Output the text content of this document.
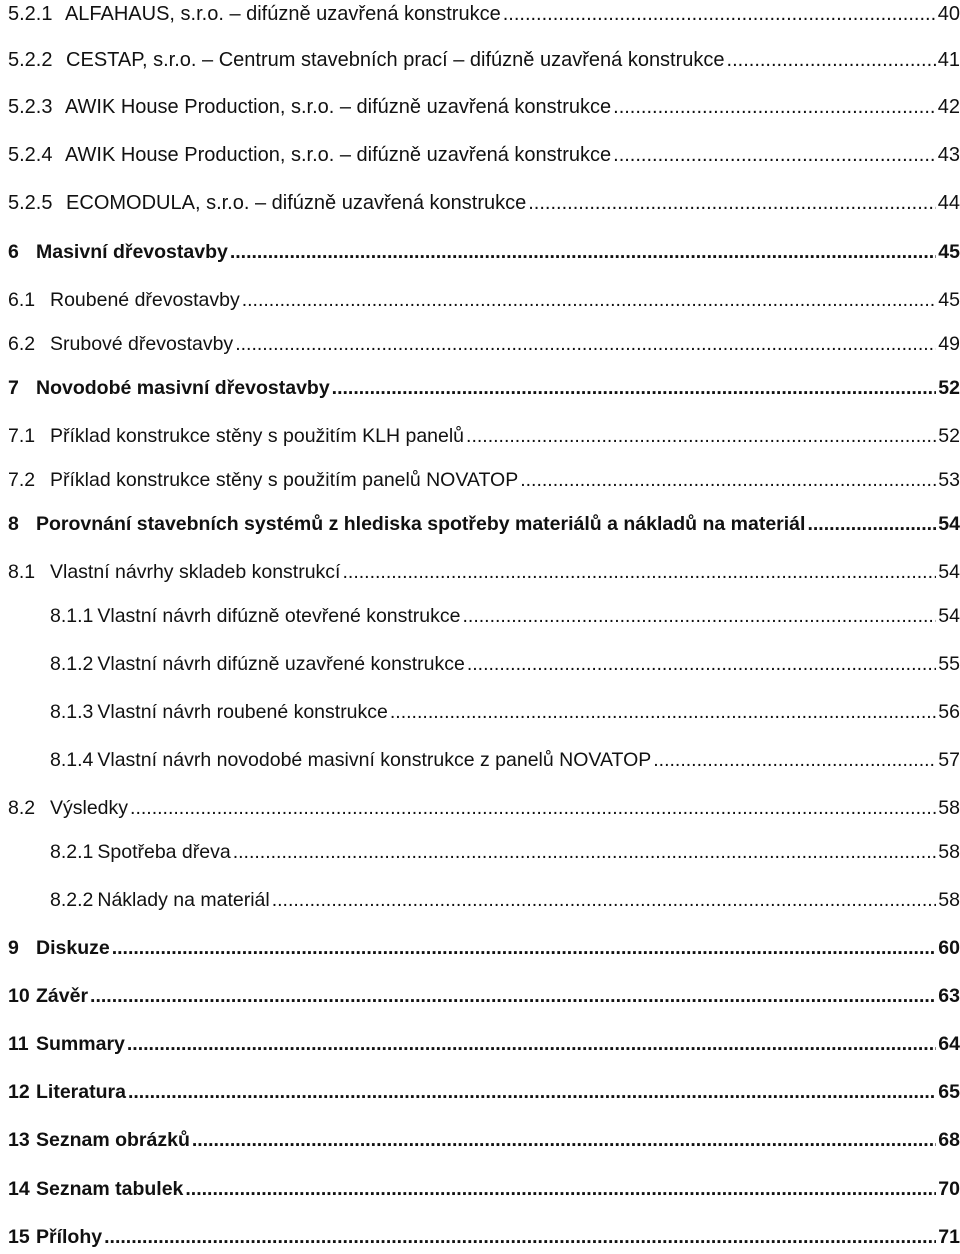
5.2.1 ALFAHAUS, s.r.o. – difúzně uzavřená konstrukce .....	40
5.2.2 CESTAP, s.r.o. – Centrum stavebních prací – difúzně uzavřená konstrukce .....	41
5.2.3 AWIK House Production, s.r.o. – difúzně uzavřená konstrukce .....	42
5.2.4 AWIK House Production, s.r.o. – difúzně uzavřená konstrukce .....	43
5.2.5 ECOMODULA, s.r.o. – difúzně uzavřená konstrukce .....	44
6 Masivní dřevostavby .....	45
6.1 Roubené dřevostavby .....	45
6.2 Srubové dřevostavby .....	49
7 Novodobé masivní dřevostavby .....	52
7.1 Příklad konstrukce stěny s použitím KLH panelů .....	52
7.2 Příklad konstrukce stěny s použitím panelů NOVATOP .....	53
8 Porovnání stavebních systémů z hlediska spotřeby materiálů a nákladů na materiál .....	54
8.1 Vlastní návrhy skladeb konstrukcí .....	54
8.1.1 Vlastní návrh difúzně otevřené konstrukce .....	54
8.1.2 Vlastní návrh difúzně uzavřené konstrukce .....	55
8.1.3 Vlastní návrh roubené konstrukce .....	56
8.1.4 Vlastní návrh novodobé masivní konstrukce z panelů NOVATOP .....	57
8.2 Výsledky .....	58
8.2.1 Spotřeba dřeva .....	58
8.2.2 Náklady na materiál .....	58
9 Diskuze .....	60
10 Závěr .....	63
11 Summary .....	64
12 Literatura .....	65
13 Seznam obrázků .....	68
14 Seznam tabulek .....	70
15 Přílohy .....	71
